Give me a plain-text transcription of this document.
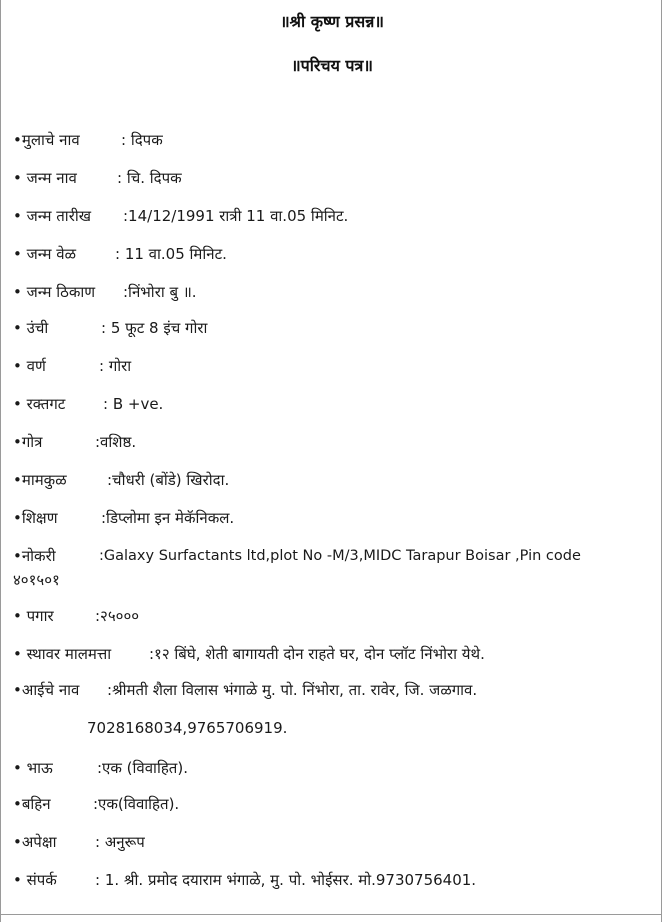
॥श्री कृष्ण प्रसन्न॥
॥परिचय पत्र॥
•मुलाचे नाव	: दिपक
• जन्म नाव	: चि. दिपक
• जन्म तारीख :14/12/1991 रात्री 11 वा.05 मिनिट.
• जन्म वेळ	: 11 वा.05 मिनिट.
• जन्म ठिकाण :निंभोरा बु ॥.
• उंची	: 5 फूट 8 इंच गोरा
• वर्ण	: गोरा
• रक्तगट	: B +ve.
•गोत्र	:वशिष्ठ.
•मामकुळ	:चौधरी (बोंडे) खिरोदा.
•शिक्षण	:डिप्लोमा इन मेकॅनिकल.
•नोकरी	:Galaxy Surfactants ltd,plot No -M/3,MIDC Tarapur Boisar ,Pin code
४०१५०१
• पगार	:२५०००
• स्थावर मालमत्ता	:१२ बिंघे, शेती बागायती दोन राहते घर, दोन प्लॉट निंभोरा येथे.
•आईचे नाव :श्रीमती शैला विलास भंगाळे मु. पो. निंभोरा, ता. रावेर, जि. जळगाव.
7028168034,9765706919.
• भाऊ	:एक (विवाहित).
•बहिन	:एक(विवाहित).
•अपेक्षा	: अनुरूप
• संपर्क	: 1. श्री. प्रमोद दयाराम भंगाळे, मु. पो. भोईसर. मो.9730756401.
